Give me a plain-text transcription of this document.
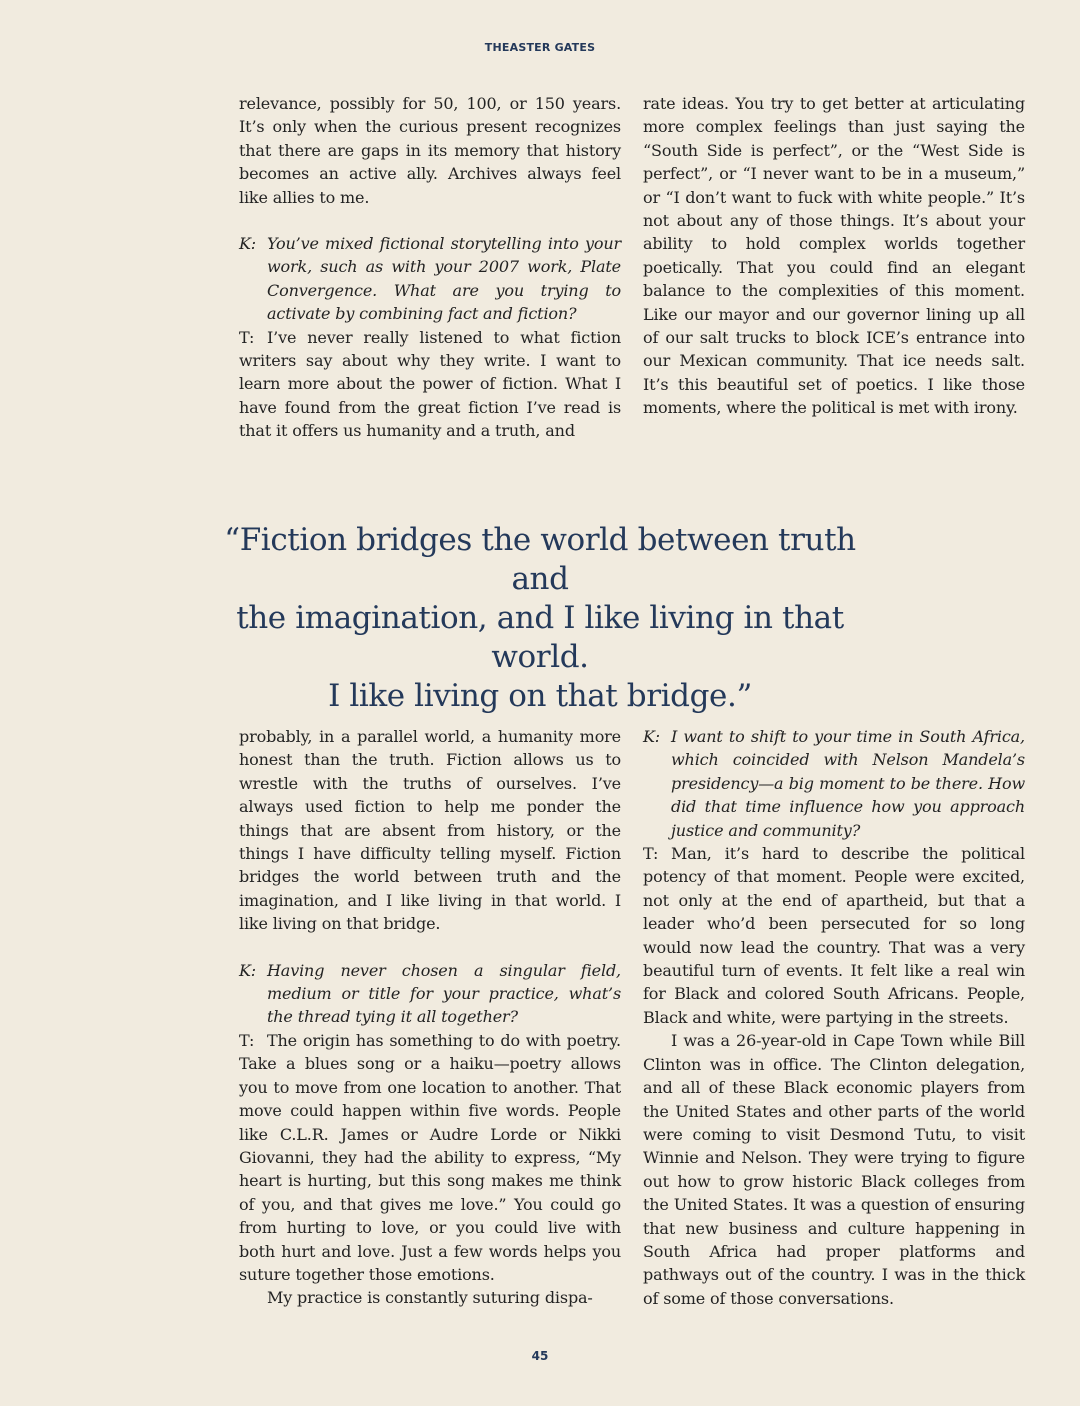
THEASTER GATES

relevance, possibly for 50, 100, or 150 years. It’s only when the curious present recognizes that there are gaps in its memory that history becomes an active ally. Archives always feel like allies to me.

K: You’ve mixed fictional storytelling into your work, such as with your 2007 work, Plate Convergence. What are you trying to activate by combining fact and fiction?

T: I’ve never really listened to what fiction writers say about why they write. I want to learn more about the power of fiction. What I have found from the great fiction I’ve read is that it offers us humanity and a truth, and

rate ideas. You try to get better at articulating more complex feelings than just saying the “South Side is perfect”, or the “West Side is perfect”, or “I never want to be in a museum,” or “I don’t want to fuck with white people.” It’s not about any of those things. It’s about your ability to hold complex worlds together poetically. That you could find an elegant balance to the complexities of this moment. Like our mayor and our governor lining up all of our salt trucks to block ICE’s entrance into our Mexican community. That ice needs salt. It’s this beautiful set of poetics. I like those moments, where the political is met with irony.

“Fiction bridges the world between truth and

the imagination, and I like living in that world.

I like living on that bridge.”

probably, in a parallel world, a humanity more honest than the truth. Fiction allows us to wrestle with the truths of ourselves. I’ve always used fiction to help me ponder the things that are absent from history, or the things I have difficulty telling myself. Fiction bridges the world between truth and the imagination, and I like living in that world. I like living on that bridge.

K: Having never chosen a singular field, medium or title for your practice, what’s the thread tying it all together?

T: The origin has something to do with poetry. Take a blues song or a haiku—poetry allows you to move from one location to another. That move could happen within five words. People like C.L.R. James or Audre Lorde or Nikki Giovanni, they had the ability to express, “My heart is hurting, but this song makes me think of you, and that gives me love.” You could go from hurting to love, or you could live with both hurt and love. Just a few words helps you suture together those emotions.

My practice is constantly suturing dispa-

K: I want to shift to your time in South Africa, which coincided with Nelson Mandela’s presidency—a big moment to be there. How did that time influence how you approach justice and community?

T: Man, it’s hard to describe the political potency of that moment. People were excited, not only at the end of apartheid, but that a leader who’d been persecuted for so long would now lead the country. That was a very beautiful turn of events. It felt like a real win for Black and colored South Africans. People, Black and white, were partying in the streets.

I was a 26-year-old in Cape Town while Bill Clinton was in office. The Clinton delegation, and all of these Black economic players from the United States and other parts of the world were coming to visit Desmond Tutu, to visit Winnie and Nelson. They were trying to figure out how to grow historic Black colleges from the United States. It was a question of ensuring that new business and culture happening in South Africa had proper platforms and pathways out of the country. I was in the thick of some of those conversations.

45
